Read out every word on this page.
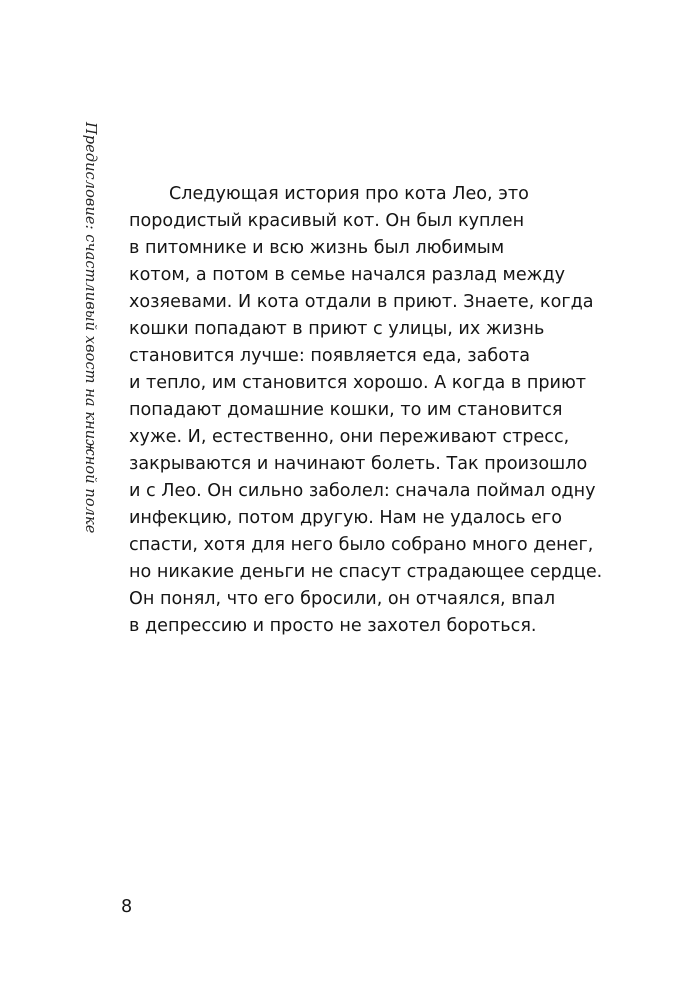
Предисловие: счастливый хвост на книжной полке	Следующая история про кота Лео, это
породистый красивый кот. Он был куплен
в питомнике и всю жизнь был любимым
котом, а потом в семье начался разлад между
хозяевами. И кота отдали в приют. Знаете, когда
кошки попадают в приют с улицы, их жизнь
становится лучше: появляется еда, забота
и тепло, им становится хорошо. А когда в приют
попадают домашние кошки, то им становится
хуже. И, естественно, они переживают стресс,
закрываются и начинают болеть. Так произошло
и с Лео. Он сильно заболел: сначала поймал одну
инфекцию, потом другую. Нам не удалось его
спасти, хотя для него было собрано много денег,
но никакие деньги не спасут страдающее сердце.
Он понял, что его бросили, он отчаялся, впал
в депрессию и просто не захотел бороться.
8
